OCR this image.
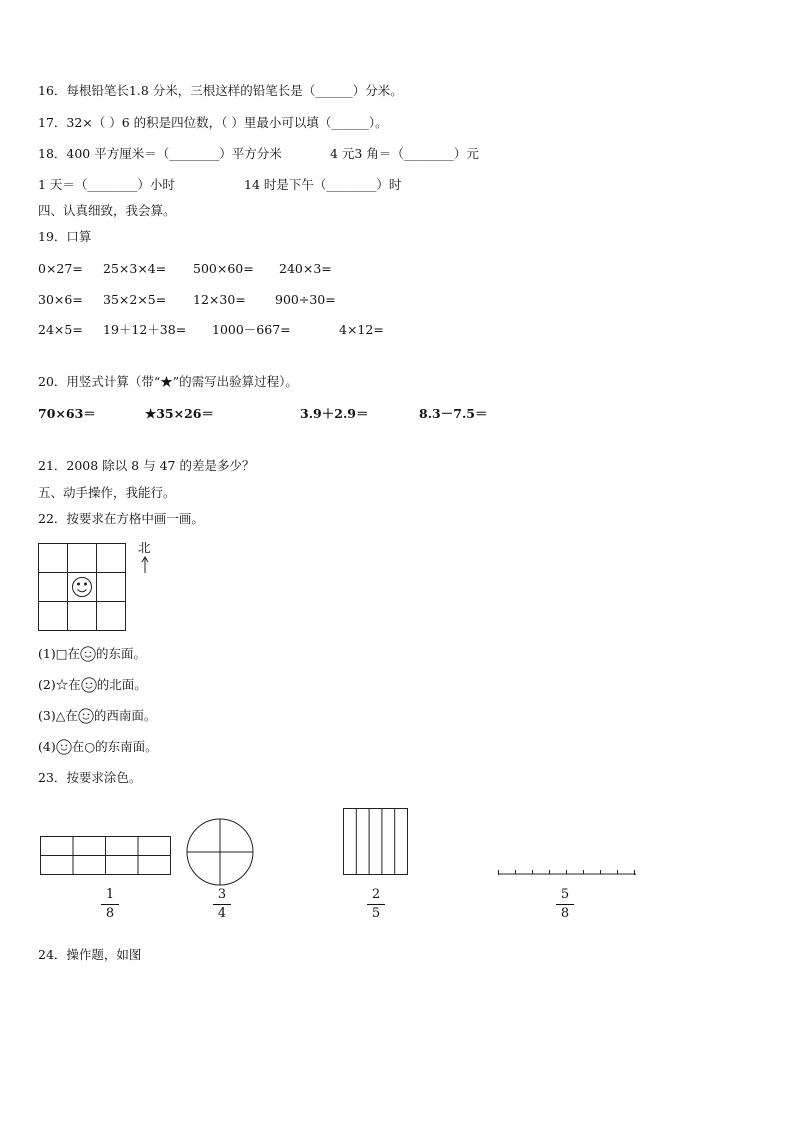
16．每根铅笔长1.8 分米，三根这样的铅笔长是（______）分米。
17．32×（ ）6 的积是四位数，（ ）里最小可以填（______）。
18．400 平方厘米＝（________）平方分米	4 元3 角＝（________）元
1 天＝（________）小时	14 时是下午（________）时
四、认真细致，我会算。
19．口算
0×27= 25×3×4= 500×60= 240×3=
30×6= 35×2×5= 12×30= 900÷30=
24×5= 19＋12＋38= 1000－667=	4×12=
20．用竖式计算（带“★”的需写出验算过程）。
70×63＝	★35×26＝	3.9＋2.9＝	8.3－7.5＝
21．2008 除以 8 与 47 的差是多少？
五、动手操作，我能行。
22．按要求在方格中画一画。
北
(1)□在 的东面。
(2)☆在 的北面。
(3)△在 的西南面。
(4) 在○的东南面。
23．按要求涂色。
1
8
3
4
2
5
5
8
24．操作题，如图
